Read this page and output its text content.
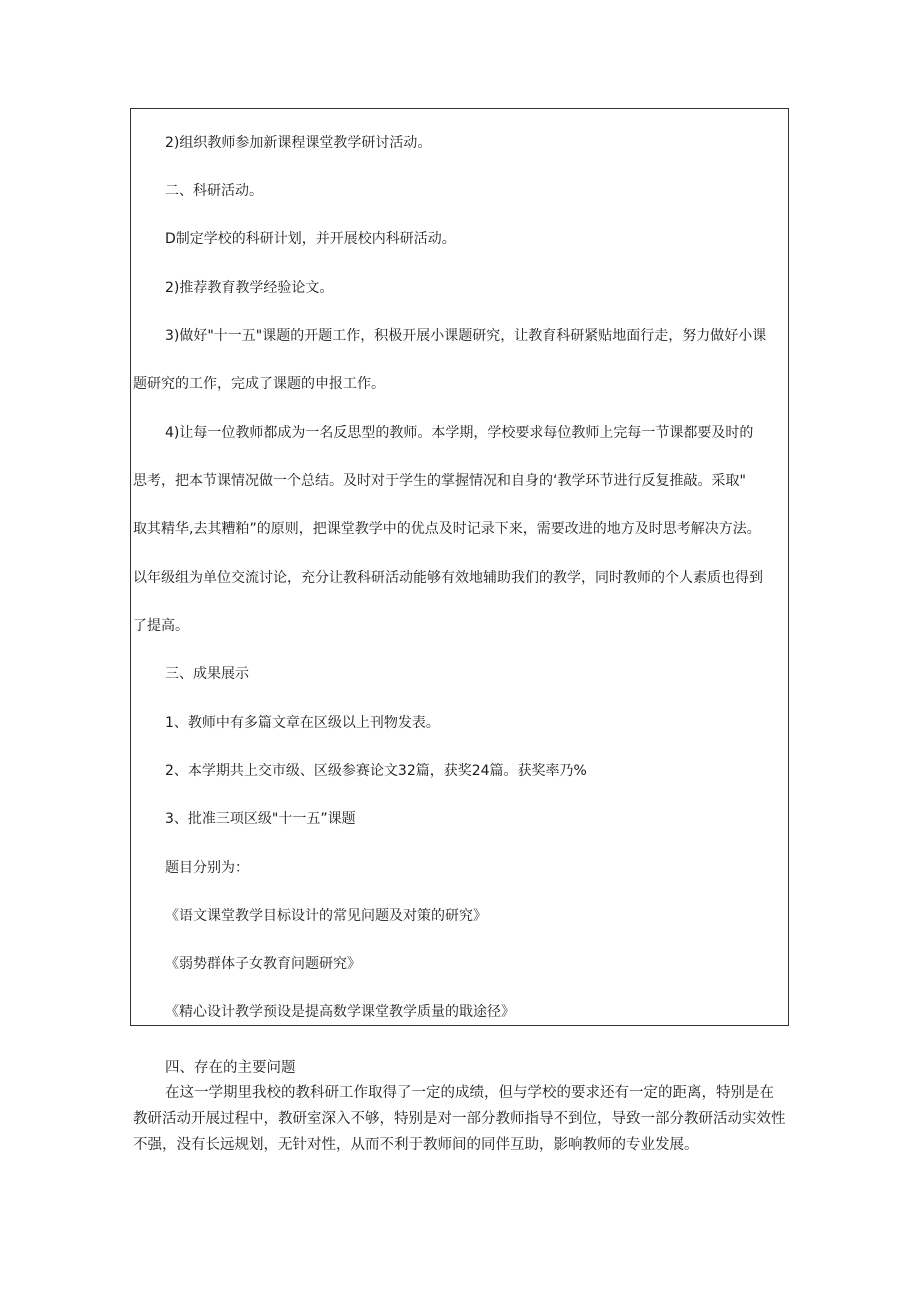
2)组织教师参加新课程课堂教学研讨活动。

二、科研活动。

D制定学校的科研计划，并开展校内科研活动。

2)推荐教育教学经验论文。

3)做好"十一五"课题的开题工作，积极开展小课题研究，让教育科研紧贴地面行走，努力做好小课

题研究的工作，完成了课题的申报工作。

4)让每一位教师都成为一名反思型的教师。本学期，学校要求每位教师上完每一节课都要及时的

思考，把本节课情况做一个总结。及时对于学生的掌握情况和自身的‘教学环节进行反复推敲。采取"

取其精华,去其糟粕”的原则，把课堂教学中的优点及时记录下来，需要改进的地方及时思考解决方法。

以年级组为单位交流讨论，充分让教科研活动能够有效地辅助我们的教学，同时教师的个人素质也得到

了提高。

三、成果展示

1、教师中有多篇文章在区级以上刊物发表。

2、本学期共上交市级、区级参赛论文32篇，获奖24篇。获奖率乃%

3、批准三项区级"十一五”课题

题目分别为：

《语文课堂教学目标设计的常见问题及对策的研究》

《弱势群体子女教育问题研究》

《精心设计教学预设是提高数学课堂教学质量的戢途径》

四、存在的主要问题

在这一学期里我校的教科研工作取得了一定的成绩，但与学校的要求还有一定的距离，特别是在

教研活动开展过程中，教研室深入不够，特别是对一部分教师指导不到位，导致一部分教研活动实效性

不强，没有长远规划，无针对性，从而不利于教师间的同伴互助，影响教师的专业发展。
